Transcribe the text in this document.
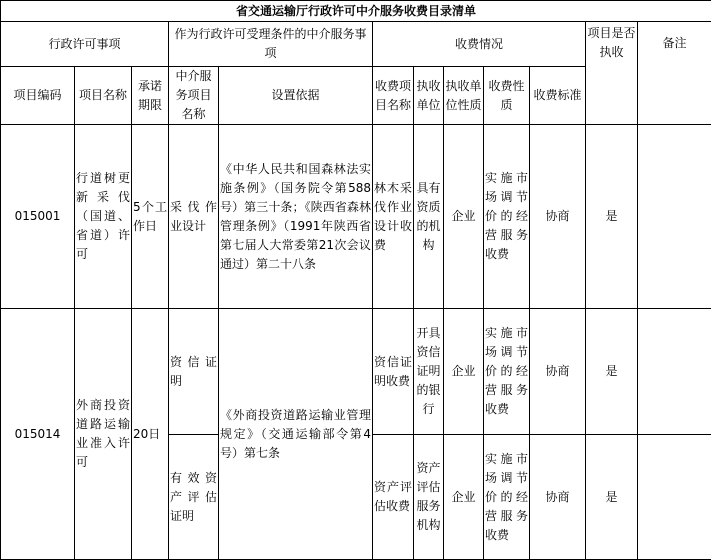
省交通运输厅行政许可中介服务收费目录清单											
行政许可事项			作为行政许可受理条件的中介服务事项		收费情况					项目是否执收	备注
项目编码	项目名称	承诺期限	中介服务项目名称	设置依据	收费项目名称	执收单位	执收单位性质	收费性质	收费标准		
015001	行道树更新采伐（国道、省道）许可	5个工作日	采伐作业设计	《中华人民共和国森林法实施条例》（国务院令第588号）第三十条；《陕西省森林管理条例》（1991年陕西省第七届人大常委第21次会议通过）第二十八条	林木采伐作业设计收费	具有资质的机构	企业	实施市场调节价的经营服务收费	协商	是	
015014	外商投资道路运输业准入许可	20日	资信证明	《外商投资道路运输业管理规定》（交通运输部令第4号）第七条	资信证明收费	开具资信证明的银行	企业	实施市场调节价的经营服务收费	协商	是	
			有效资产评估证明		资产评估收费	资产评估服务机构	企业	实施市场调节价的经营服务收费	协商	是	
